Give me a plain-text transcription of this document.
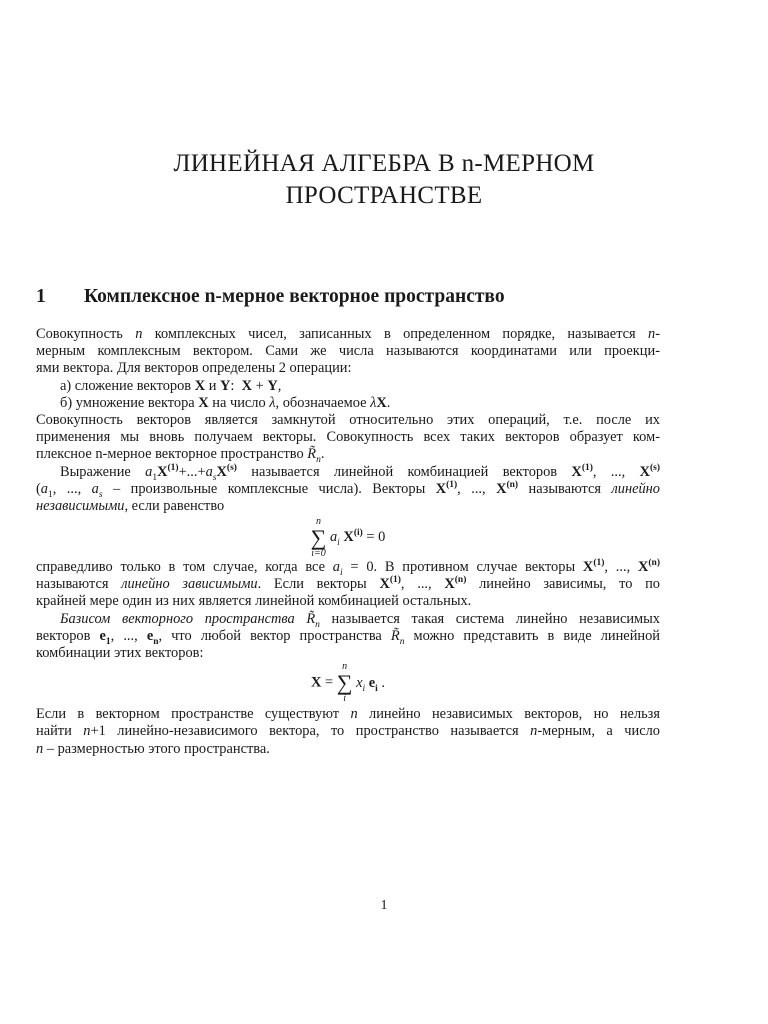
ЛИНЕЙНАЯ АЛГЕБРА В n-МЕРНОМ
ПРОСТРАНСТВЕ
1 Комплексное n-мерное векторное пространство
Совокупность n комплексных чисел, записанных в определенном порядке, называется n-
мерным комплексным вектором. Сами же числа называются координатами или проекци-
ями вектора. Для векторов определены 2 операции:
а) сложение векторов X и Y:  X + Y,
б) умножение вектора X на число λ, обозначаемое λX.
Совокупность векторов является замкнутой относительно этих операций, т.е. после их
применения мы вновь получаем векторы. Совокупность всех таких векторов образует ком-
плексное n-мерное векторное пространство $R̃_n$.
Выражение $a_1X^{(1)}+...+a_sX^{(s)}$ называется линейной комбинацией векторов $X^{(1)}$, ..., $X^{(s)}$
($a_1$, ..., $a_s$ – произвольные комплексные числа). Векторы $X^{(1)}$, ..., $X^{(n)}$ называются линейно
независимыми, если равенство
n
∑
i=0
$a_i$ $X^{(i)} = 0$
справедливо только в том случае, когда все $a_i = 0$. В противном случае векторы $X^{(1)}$, ..., $X^{(n)}$
называются линейно зависимыми. Если векторы $X^{(1)}$, ..., $X^{(n)}$ линейно зависимы, то по
крайней мере один из них является линейной комбинацией остальных.
Базисом векторного пространства $R̃_n$ называется такая система линейно независимых
векторов $e_1$, ..., $e_n$, что любой вектор пространства $R̃_n$ можно представить в виде линейной
комбинации этих векторов:
X =
n
∑
i
$x_i$ $e_i$ .
Если в векторном пространстве существуют n линейно независимых векторов, но нельзя
найти n+1 линейно-независимого вектора, то пространство называется n-мерным, а число
n – размерностью этого пространства.
1
